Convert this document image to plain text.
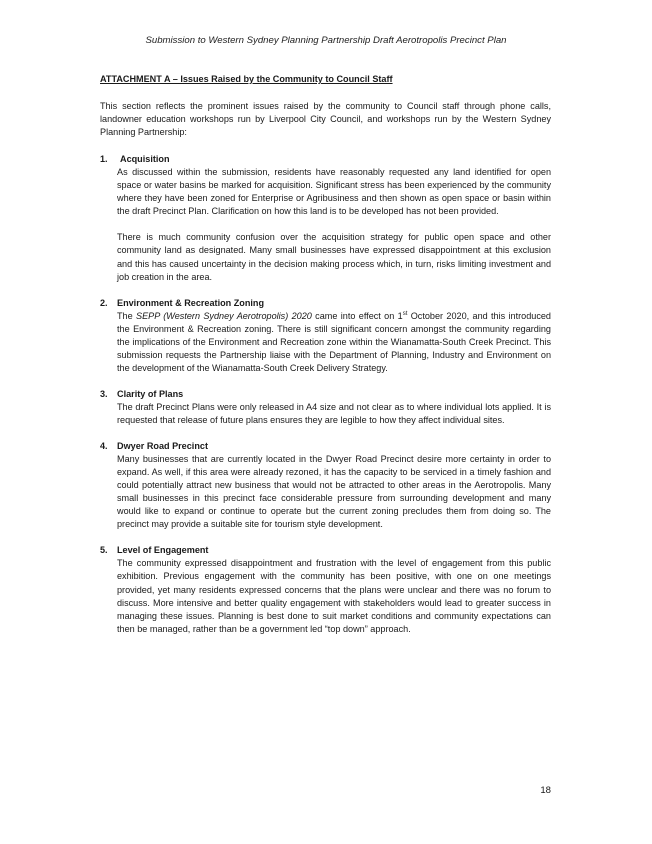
Submission to Western Sydney Planning Partnership Draft Aerotropolis Precinct Plan
ATTACHMENT A – Issues Raised by the Community to Council Staff

This section reflects the prominent issues raised by the community to Council staff through phone calls, landowner education workshops run by Liverpool City Council, and workshops run by the Western Sydney Planning Partnership:

1.	Acquisition

As discussed within the submission, residents have reasonably requested any land identified for open space or water basins be marked for acquisition. Significant stress has been experienced by the community where they have been zoned for Enterprise or Agribusiness and then shown as open space or basin within the draft Precinct Plan. Clarification on how this land is to be developed has not been provided.

There is much community confusion over the acquisition strategy for public open space and other community land as designated. Many small businesses have expressed disappointment at this exclusion and this has caused uncertainty in the decision making process which, in turn, risks limiting investment and job creation in the area.

2. Environment & Recreation Zoning

The SEPP (Western Sydney Aerotropolis) 2020 came into effect on 1st October 2020, and this introduced the Environment & Recreation zoning. There is still significant concern amongst the community regarding the implications of the Environment and Recreation zone within the Wianamatta-South Creek Precinct. This submission requests the Partnership liaise with the Department of Planning, Industry and Environment on the development of the Wianamatta-South Creek Delivery Strategy.

3. Clarity of Plans

The draft Precinct Plans were only released in A4 size and not clear as to where individual lots applied. It is requested that release of future plans ensures they are legible to how they affect individual sites.

4. Dwyer Road Precinct

Many businesses that are currently located in the Dwyer Road Precinct desire more certainty in order to expand. As well, if this area were already rezoned, it has the capacity to be serviced in a timely fashion and could potentially attract new business that would not be attracted to other areas in the Aerotropolis. Many small businesses in this precinct face considerable pressure from surrounding development and many would like to expand or continue to operate but the current zoning precludes them from doing so. The precinct may provide a suitable site for tourism style development.

5. Level of Engagement

The community expressed disappointment and frustration with the level of engagement from this public exhibition. Previous engagement with the community has been positive, with one on one meetings provided, yet many residents expressed concerns that the plans were unclear and there was no forum to discuss. More intensive and better quality engagement with stakeholders would lead to greater success in managing these issues. Planning is best done to suit market conditions and community expectations can then be managed, rather than be a government led “top down” approach.

18
